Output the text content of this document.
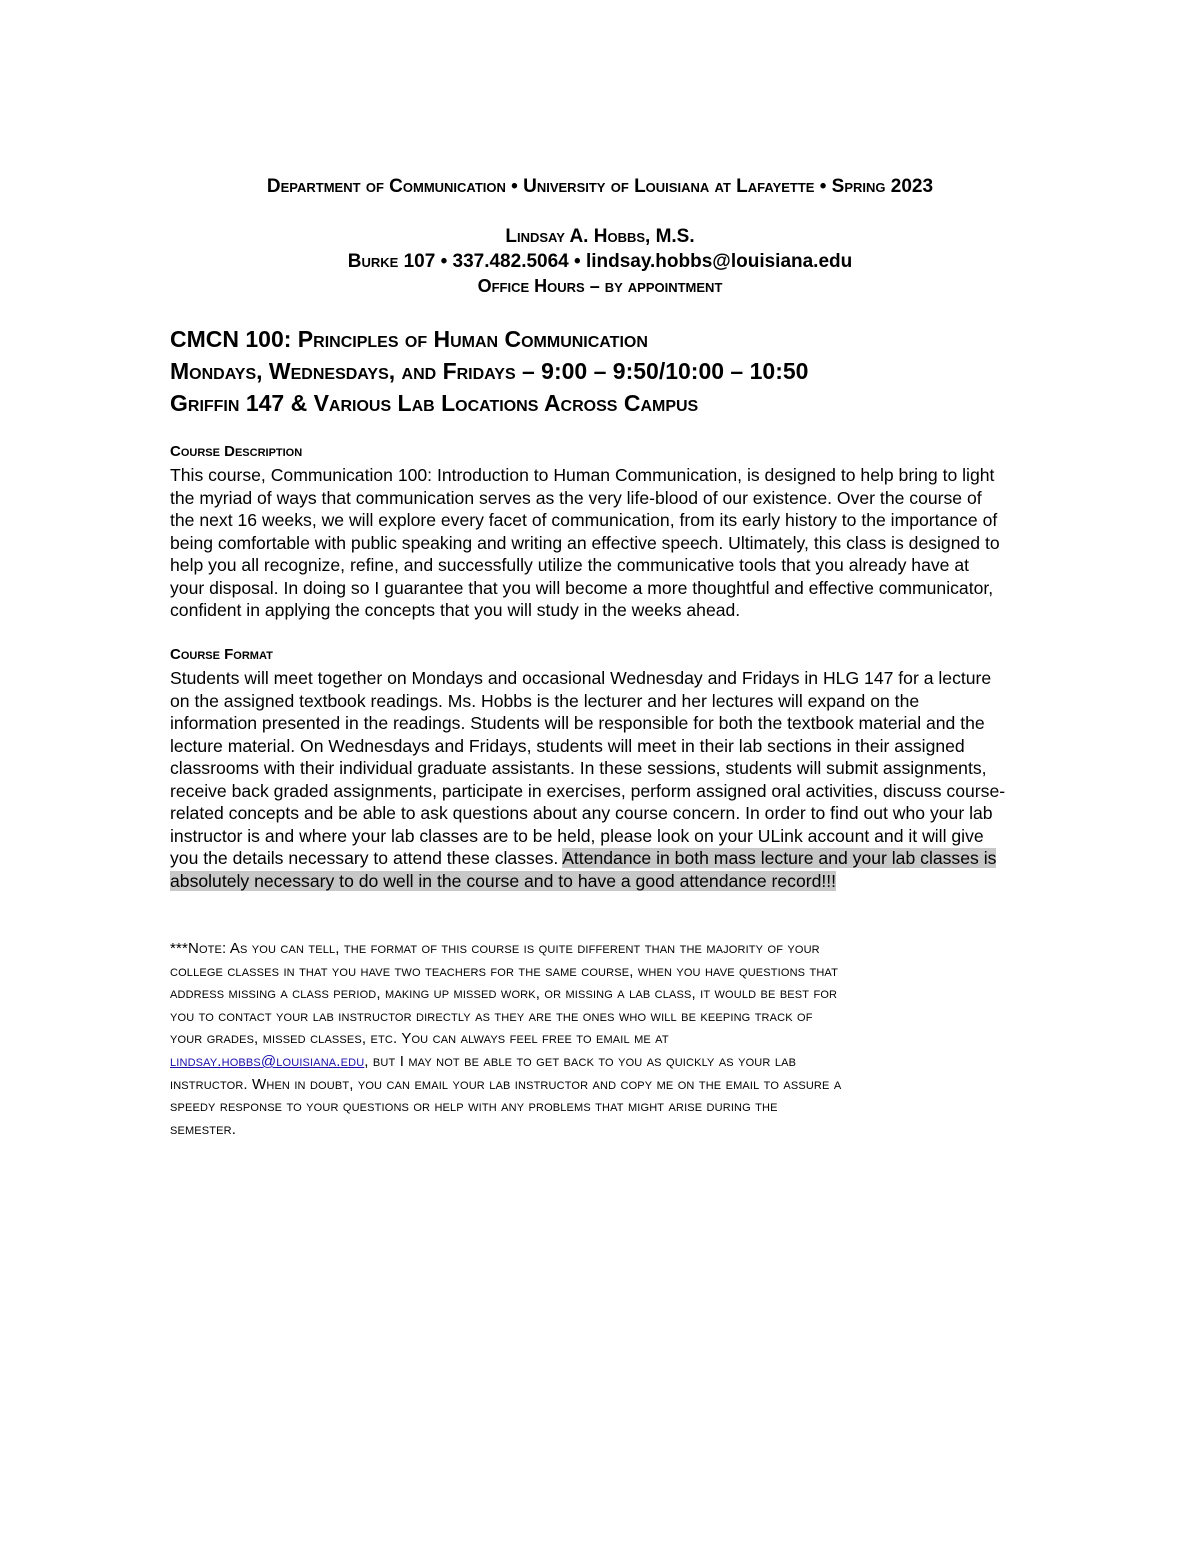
Department of Communication • University of Louisiana at Lafayette • Spring 2023
Lindsay A. Hobbs, M.S.
Burke 107 • 337.482.5064 • lindsay.hobbs@louisiana.edu
Office Hours – by appointment
CMCN 100: Principles of Human Communication
Mondays, Wednesdays, and Fridays – 9:00 – 9:50/10:00 – 10:50
Griffin 147 & Various Lab Locations Across Campus
Course Description
This course, Communication 100: Introduction to Human Communication, is designed to help bring to light
the myriad of ways that communication serves as the very life-blood of our existence. Over the course of
the next 16 weeks, we will explore every facet of communication, from its early history to the importance of
being comfortable with public speaking and writing an effective speech. Ultimately, this class is designed to
help you all recognize, refine, and successfully utilize the communicative tools that you already have at
your disposal. In doing so I guarantee that you will become a more thoughtful and effective communicator,
confident in applying the concepts that you will study in the weeks ahead.
Course Format
Students will meet together on Mondays and occasional Wednesday and Fridays in HLG 147 for a lecture
on the assigned textbook readings. Ms. Hobbs is the lecturer and her lectures will expand on the
information presented in the readings. Students will be responsible for both the textbook material and the
lecture material. On Wednesdays and Fridays, students will meet in their lab sections in their assigned
classrooms with their individual graduate assistants. In these sessions, students will submit assignments,
receive back graded assignments, participate in exercises, perform assigned oral activities, discuss course-
related concepts and be able to ask questions about any course concern. In order to find out who your lab
instructor is and where your lab classes are to be held, please look on your ULink account and it will give
you the details necessary to attend these classes. Attendance in both mass lecture and your lab classes is
absolutely necessary to do well in the course and to have a good attendance record!!!
***Note: As you can tell, the format of this course is quite different than the majority of your
college classes in that you have two teachers for the same course, when you have questions that
address missing a class period, making up missed work, or missing a lab class, it would be best for
you to contact your lab instructor directly as they are the ones who will be keeping track of
your grades, missed classes, etc. You can always feel free to email me at
lindsay.hobbs@louisiana.edu, but I may not be able to get back to you as quickly as your lab
instructor. When in doubt, you can email your lab instructor and copy me on the email to assure a
speedy response to your questions or help with any problems that might arise during the
semester.
